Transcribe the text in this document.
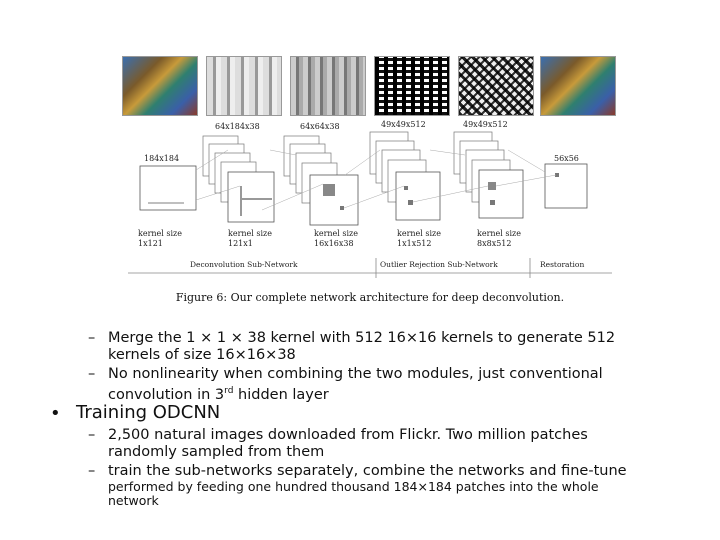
184x184
64x184x38	64x64x38	49x49x512	49x49x512
56x56
kernel size
1x121
kernel size
121x1
kernel size
16x16x38
kernel size
1x1x512
kernel size
8x8x512
Deconvolution Sub-Network	Outlier Rejection Sub-Network	Restoration
Figure 6: Our complete network architecture for deep deconvolution.
– Merge the 1 × 1 × 38 kernel with 512 16×16 kernels to generate 512
kernels of size 16×16×38
– No nonlinearity when combining the two modules, just conventional
convolution in 3rd hidden layer
• Training ODCNN
– 2,500 natural images downloaded from Flickr. Two million patches
randomly sampled from them
– train the sub-networks separately, combine the networks and fine-tune
performed by feeding one hundred thousand 184×184 patches into the whole
network
